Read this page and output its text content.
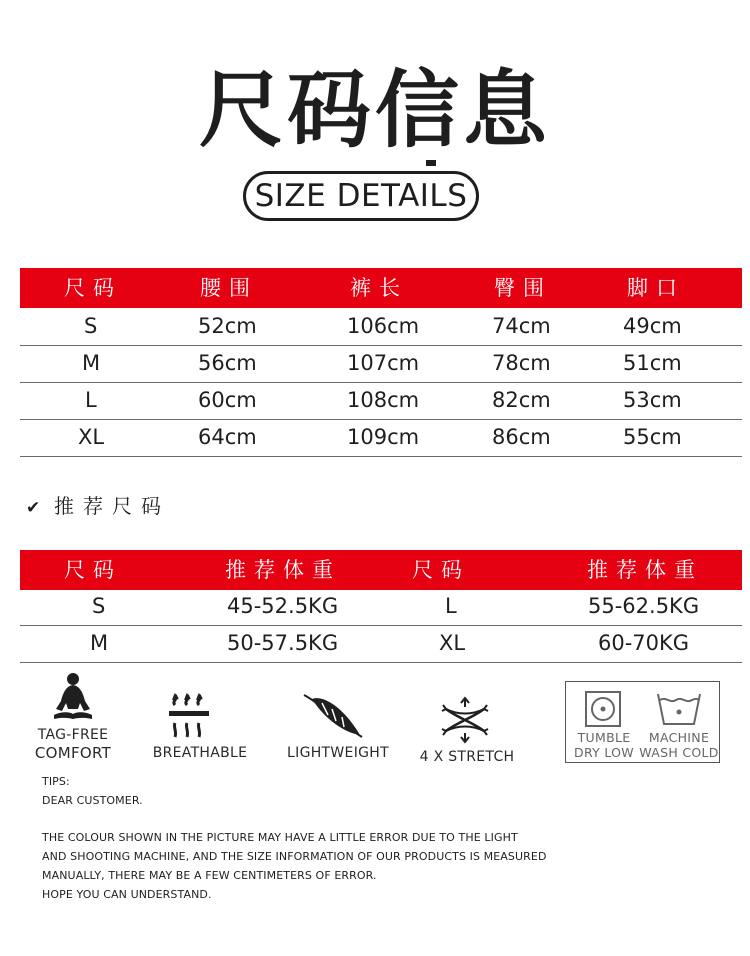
尺码信息
SIZE DETAILS
尺码	腰围	裤长	臀围	脚口
S	52cm	106cm	74cm	49cm
M	56cm	107cm	78cm	51cm
L	60cm	108cm	82cm	53cm
XL	64cm	109cm	86cm	55cm
✔ 推荐尺码
尺码	推荐体重	尺码	推荐体重
S	45-52.5KG	L	55-62.5KG
M	50-57.5KG	XL	60-70KG
TAG-FREE
COMFORT	BREATHABLE	LIGHTWEIGHT	4 X STRETCH
TUMBLE
DRY LOW
MACHINE
WASH COLD
TIPS:
DEAR CUSTOMER.
THE COLOUR SHOWN IN THE PICTURE MAY HAVE A LITTLE ERROR DUE TO THE LIGHT
AND SHOOTING MACHINE, AND THE SIZE INFORMATION OF OUR PRODUCTS IS MEASURED
MANUALLY, THERE MAY BE A FEW CENTIMETERS OF ERROR.
HOPE YOU CAN UNDERSTAND.
